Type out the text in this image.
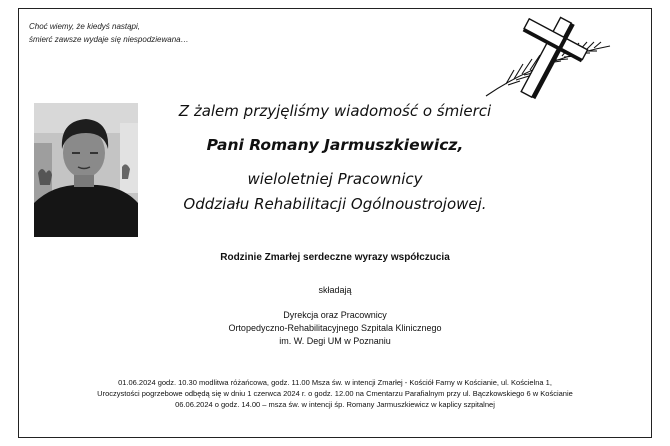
Choć wiemy, że kiedyś nastąpi,
śmierć zawsze wydaje się niespodziewana…
Z żalem przyjęliśmy wiadomość o śmierci
Pani Romany Jarmuszkiewicz,
wieloletniej Pracownicy
Oddziału Rehabilitacji Ogólnoustrojowej.
Rodzinie Zmarłej serdeczne wyrazy współczucia
składają
Dyrekcja oraz Pracownicy
Ortopedyczno-Rehabilitacyjnego Szpitala Klinicznego
im. W. Degi UM w Poznaniu
01.06.2024 godz. 10.30 modlitwa różańcowa, godz. 11.00 Msza św. w intencji Zmarłej - Kościół Farny w Kościanie, ul. Kościelna 1,
Uroczystości pogrzebowe odbędą się w dniu 1 czerwca 2024 r. o godz. 12.00 na Cmentarzu Parafialnym przy ul. Bączkowskiego 6 w Kościanie
06.06.2024 o godz. 14.00 – msza św. w intencji śp. Romany Jarmuszkiewicz w kaplicy szpitalnej
